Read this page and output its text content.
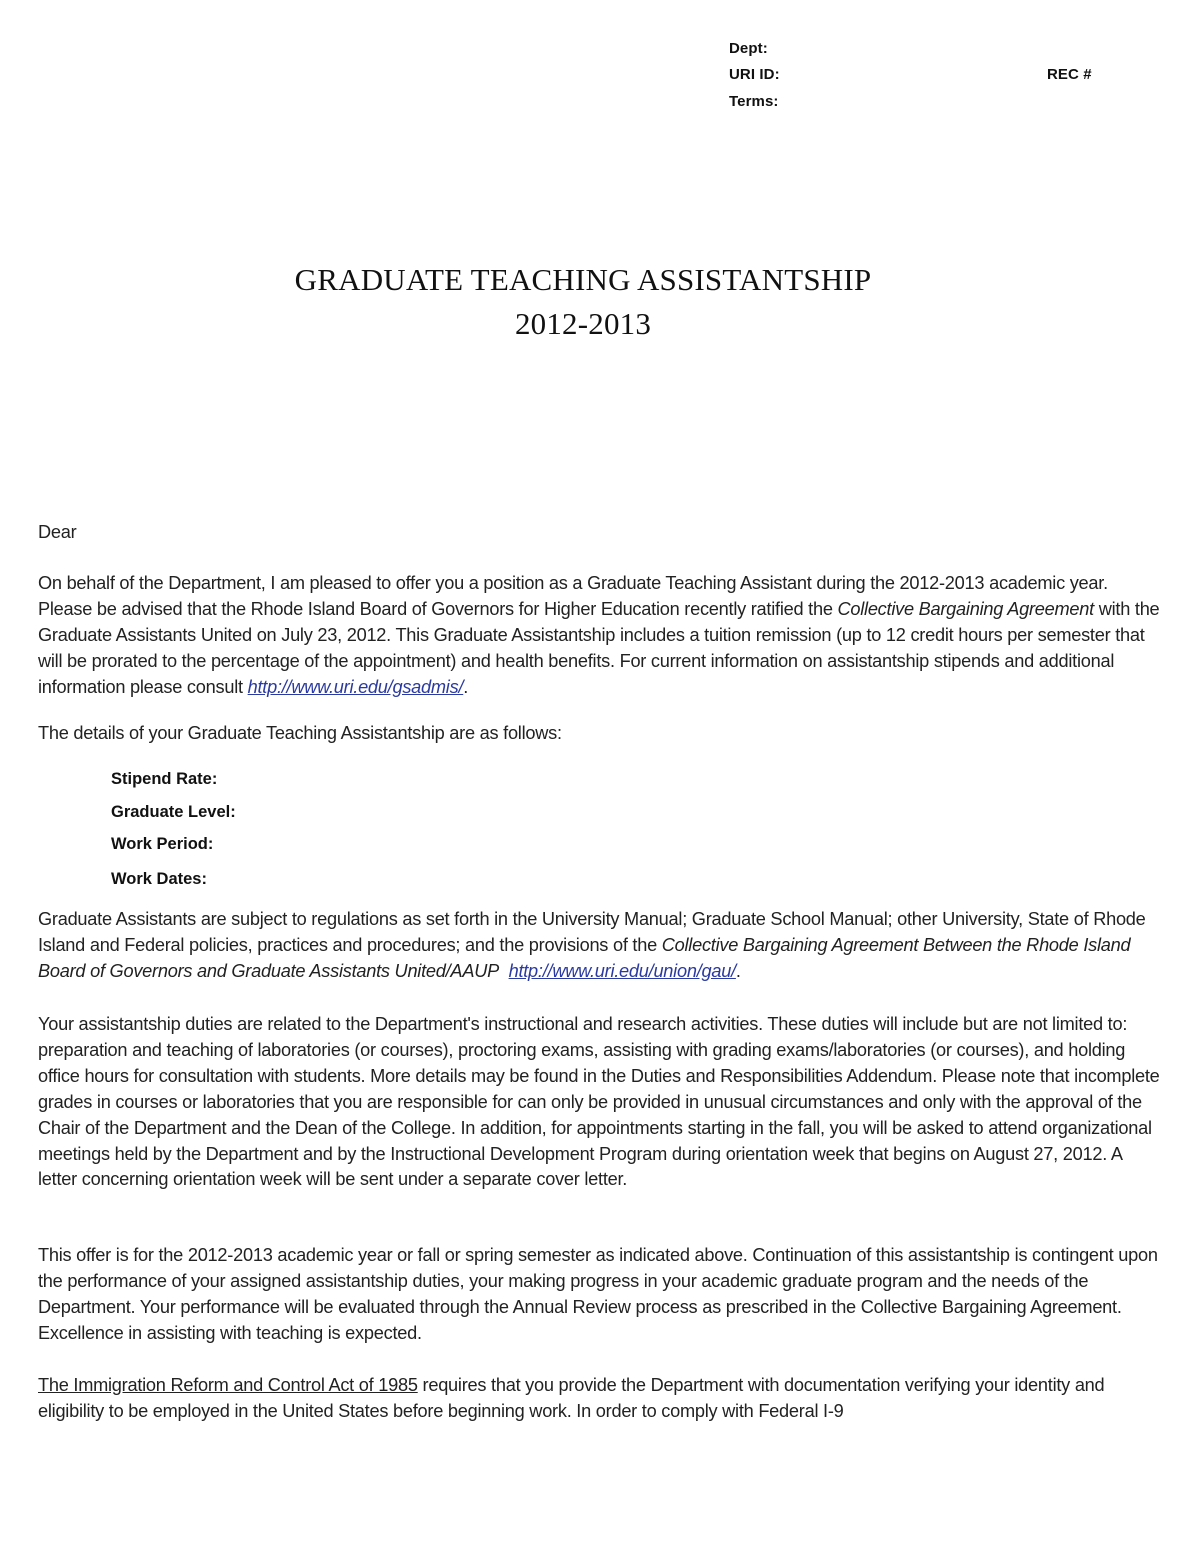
Dept:
URI ID:
Terms:
REC #
GRADUATE TEACHING ASSISTANTSHIP
2012-2013
Dear

On behalf of the Department, I am pleased to offer you a position as a Graduate Teaching Assistant during the 2012-2013 academic year. Please be advised that the Rhode Island Board of Governors for Higher Education recently ratified the Collective Bargaining Agreement with the Graduate Assistants United on July 23, 2012. This Graduate Assistantship includes a tuition remission (up to 12 credit hours per semester that will be prorated to the percentage of the appointment) and health benefits. For current information on assistantship stipends and additional information please consult http://www.uri.edu/gsadmis/.

The details of your Graduate Teaching Assistantship are as follows:
Stipend Rate:
Graduate Level:
Work Period:
Work Dates:

Graduate Assistants are subject to regulations as set forth in the University Manual; Graduate School Manual; other University, State of Rhode Island and Federal policies, practices and procedures; and the provisions of the Collective Bargaining Agreement Between the Rhode Island Board of Governors and Graduate Assistants United/AAUP http://www.uri.edu/union/gau/.

Your assistantship duties are related to the Department's instructional and research activities. These duties will include but are not limited to: preparation and teaching of laboratories (or courses), proctoring exams, assisting with grading exams/laboratories (or courses), and holding office hours for consultation with students. More details may be found in the Duties and Responsibilities Addendum. Please note that incomplete grades in courses or laboratories that you are responsible for can only be provided in unusual circumstances and only with the approval of the Chair of the Department and the Dean of the College. In addition, for appointments starting in the fall, you will be asked to attend organizational meetings held by the Department and by the Instructional Development Program during orientation week that begins on August 27, 2012. A letter concerning orientation week will be sent under a separate cover letter.
This offer is for the 2012-2013 academic year or fall or spring semester as indicated above. Continuation of this assistantship is contingent upon the performance of your assigned assistantship duties, your making progress in your academic graduate program and the needs of the Department. Your performance will be evaluated through the Annual Review process as prescribed in the Collective Bargaining Agreement. Excellence in assisting with teaching is expected.

The Immigration Reform and Control Act of 1985 requires that you provide the Department with documentation verifying your identity and eligibility to be employed in the United States before beginning work. In order to comply with Federal I-9
